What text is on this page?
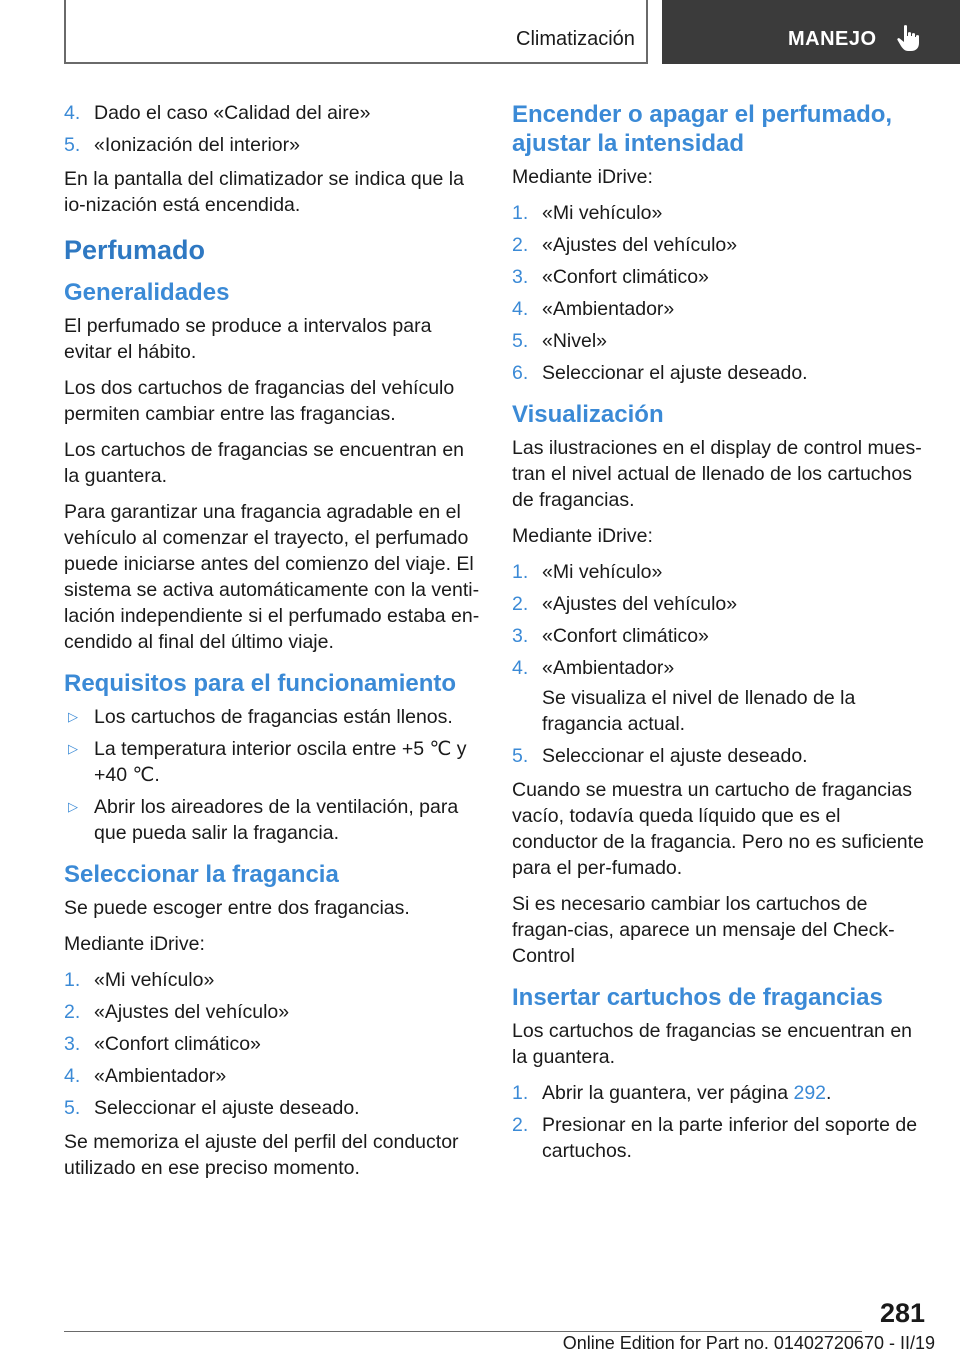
Climatización	MANEJO
4. Dado el caso «Calidad del aire»
5. «Ionización del interior»

En la pantalla del climatizador se indica que la io-nización está encendida.

Perfumado
Generalidades

El perfumado se produce a intervalos para evitar el hábito.

Los dos cartuchos de fragancias del vehículo permiten cambiar entre las fragancias.

Los cartuchos de fragancias se encuentran en la guantera.

Para garantizar una fragancia agradable en el vehículo al comenzar el trayecto, el perfumado puede iniciarse antes del comienzo del viaje. El sistema se activa automáticamente con la venti-lación independiente si el perfumado estaba en-cendido al final del último viaje.

Requisitos para el funcionamiento
▷ Los cartuchos de fragancias están llenos.
▷ La temperatura interior oscila entre +5 ℃ y +40 ℃.
▷ Abrir los aireadores de la ventilación, para que pueda salir la fragancia.
Seleccionar la fragancia

Se puede escoger entre dos fragancias.

Mediante iDrive:

1. «Mi vehículo»
2. «Ajustes del vehículo»
3. «Confort climático»
4. «Ambientador»
5. Seleccionar el ajuste deseado.

Se memoriza el ajuste del perfil del conductor utilizado en ese preciso momento.

Encender o apagar el perfumado, ajustar la intensidad

Mediante iDrive:

1. «Mi vehículo»
2. «Ajustes del vehículo»
3. «Confort climático»
4. «Ambientador»
5. «Nivel»
6. Seleccionar el ajuste deseado.
Visualización

Las ilustraciones en el display de control mues-tran el nivel actual de llenado de los cartuchos de fragancias.

Mediante iDrive:

1. «Mi vehículo»
2. «Ajustes del vehículo»
3. «Confort climático»
4. «Ambientador»
Se visualiza el nivel de llenado de la fragancia actual.
5. Seleccionar el ajuste deseado.

Cuando se muestra un cartucho de fragancias vacío, todavía queda líquido que es el conductor de la fragancia. Pero no es suficiente para el per-fumado.

Si es necesario cambiar los cartuchos de fragan-cias, aparece un mensaje del Check-Control

Insertar cartuchos de fragancias

Los cartuchos de fragancias se encuentran en la guantera.

1. Abrir la guantera, ver página 292.
2. Presionar en la parte inferior del soporte de cartuchos.
281
Online Edition for Part no. 01402720670 - II/19
